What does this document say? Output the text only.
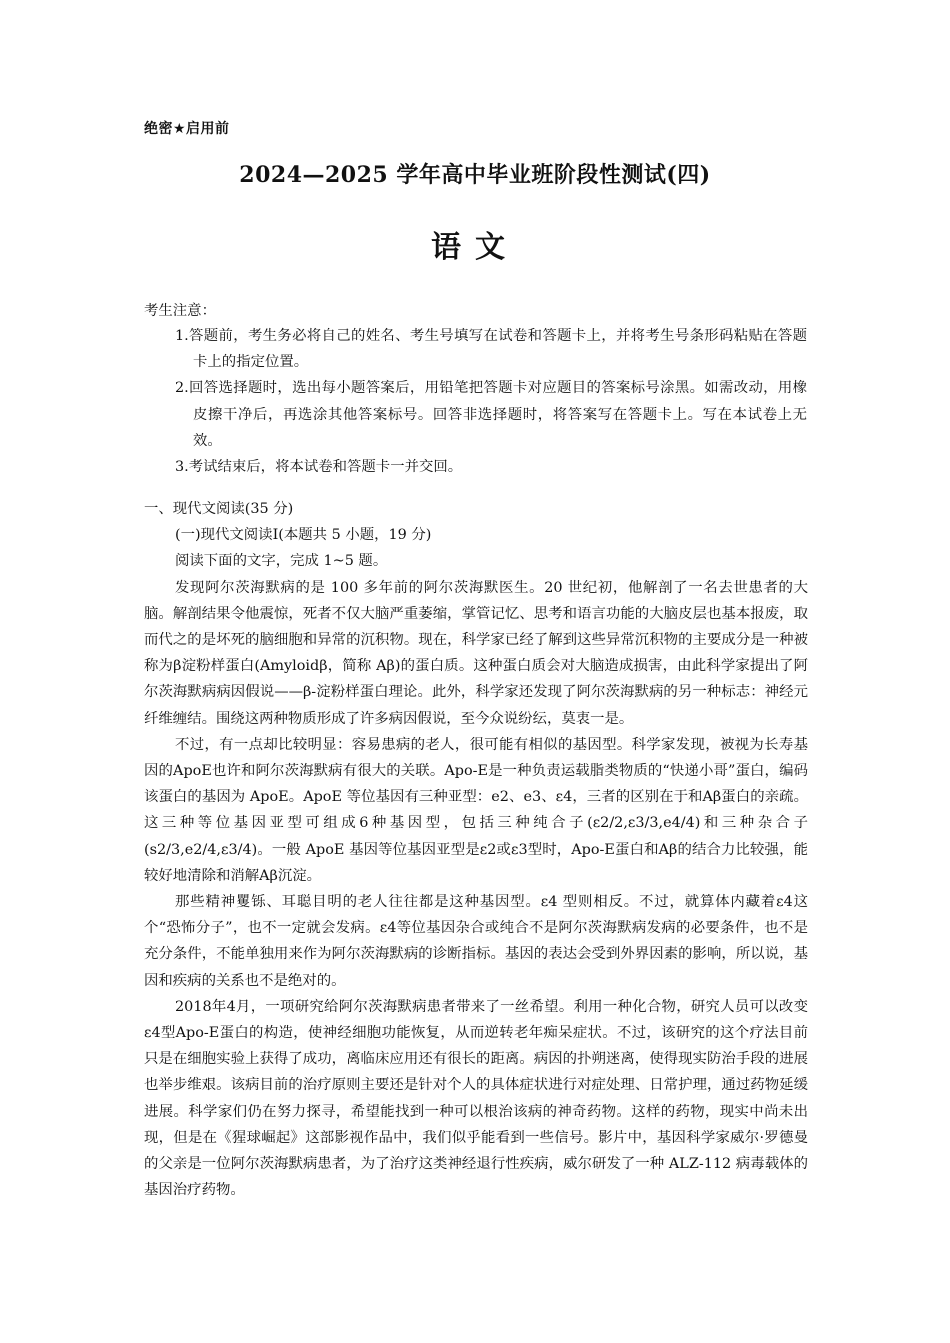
绝密★启用前
2024—2025 学年高中毕业班阶段性测试(四)
语文
考生注意：
1.答题前，考生务必将自己的姓名、考生号填写在试卷和答题卡上，并将考生号条形码粘贴在答题卡上的指定位置。
2.回答选择题时，选出每小题答案后，用铅笔把答题卡对应题目的答案标号涂黑。如需改动，用橡皮擦干净后，再选涂其他答案标号。回答非选择题时，将答案写在答题卡上。写在本试卷上无效。
3.考试结束后，将本试卷和答题卡一并交回。
一、现代文阅读(35 分)
(一)现代文阅读Ⅰ(本题共 5 小题，19 分)
阅读下面的文字，完成 1~5 题。

发现阿尔茨海默病的是 100 多年前的阿尔茨海默医生。20 世纪初，他解剖了一名去世患者的大脑。解剖结果令他震惊，死者不仅大脑严重萎缩，掌管记忆、思考和语言功能的大脑皮层也基本报废，取而代之的是坏死的脑细胞和异常的沉积物。现在，科学家已经了解到这些异常沉积物的主要成分是一种被称为β淀粉样蛋白(Amyloidβ，简称 Aβ)的蛋白质。这种蛋白质会对大脑造成损害，由此科学家提出了阿尔茨海默病病因假说——β-淀粉样蛋白理论。此外，科学家还发现了阿尔茨海默病的另一种标志：神经元纤维缠结。围绕这两种物质形成了许多病因假说，至今众说纷纭，莫衷一是。

不过，有一点却比较明显：容易患病的老人，很可能有相似的基因型。科学家发现，被视为长寿基因的ApoE也许和阿尔茨海默病有很大的关联。Apo-E是一种负责运载脂类物质的“快递小哥”蛋白，编码该蛋白的基因为 ApoE。ApoE 等位基因有三种亚型：e2、e3、ε4，三者的区别在于和Aβ蛋白的亲疏。这三种等位基因亚型可组成6种基因型，包括三种纯合子(ε2/2,ε3/3,e4/4)和三种杂合子(s2/3,e2/4,ε3/4)。一般 ApoE 基因等位基因亚型是ε2或ε3型时，Apo-E蛋白和Aβ的结合力比较强，能较好地清除和消解Aβ沉淀。

那些精神矍铄、耳聪目明的老人往往都是这种基因型。ε4 型则相反。不过，就算体内藏着ε4这个“恐怖分子”，也不一定就会发病。ε4等位基因杂合或纯合不是阿尔茨海默病发病的必要条件，也不是充分条件，不能单独用来作为阿尔茨海默病的诊断指标。基因的表达会受到外界因素的影响，所以说，基因和疾病的关系也不是绝对的。

2018年4月，一项研究给阿尔茨海默病患者带来了一丝希望。利用一种化合物，研究人员可以改变ε4型Apo-E蛋白的构造，使神经细胞功能恢复，从而逆转老年痴呆症状。不过，该研究的这个疗法目前只是在细胞实验上获得了成功，离临床应用还有很长的距离。病因的扑朔迷离，使得现实防治手段的进展也举步维艰。该病目前的治疗原则主要还是针对个人的具体症状进行对症处理、日常护理，通过药物延缓进展。科学家们仍在努力探寻，希望能找到一种可以根治该病的神奇药物。这样的药物，现实中尚未出现，但是在《猩球崛起》这部影视作品中，我们似乎能看到一些信号。影片中，基因科学家威尔·罗德曼的父亲是一位阿尔茨海默病患者，为了治疗这类神经退行性疾病，威尔研发了一种 ALZ-112 病毒载体的基因治疗药物。
